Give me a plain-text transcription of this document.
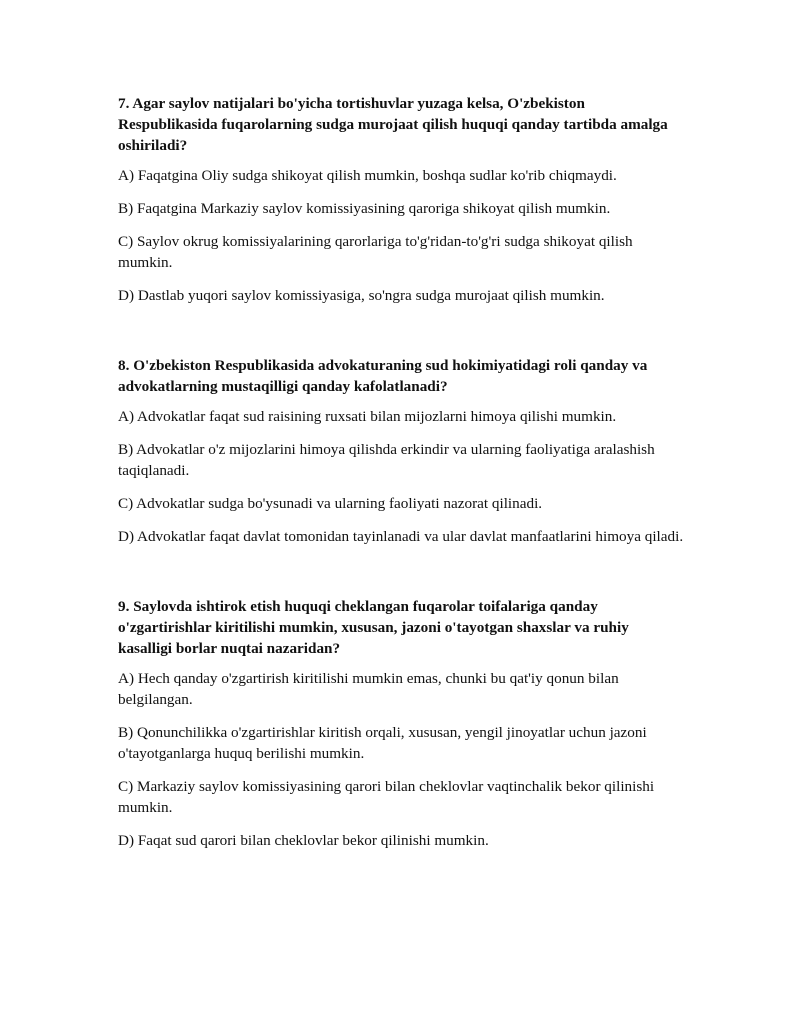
7. Agar saylov natijalari bo'yicha tortishuvlar yuzaga kelsa, O'zbekiston Respublikasida fuqarolarning sudga murojaat qilish huquqi qanday tartibda amalga oshiriladi?

A) Faqatgina Oliy sudga shikoyat qilish mumkin, boshqa sudlar ko'rib chiqmaydi.

B) Faqatgina Markaziy saylov komissiyasining qaroriga shikoyat qilish mumkin.

C) Saylov okrug komissiyalarining qarorlariga to'g'ridan-to'g'ri sudga shikoyat qilish mumkin.

D) Dastlab yuqori saylov komissiyasiga, so'ngra sudga murojaat qilish mumkin.

8. O'zbekiston Respublikasida advokaturaning sud hokimiyatidagi roli qanday va advokatlarning mustaqilligi qanday kafolatlanadi?

A) Advokatlar faqat sud raisining ruxsati bilan mijozlarni himoya qilishi mumkin.

B) Advokatlar o'z mijozlarini himoya qilishda erkindir va ularning faoliyatiga aralashish taqiqlanadi.

C) Advokatlar sudga bo'ysunadi va ularning faoliyati nazorat qilinadi.

D) Advokatlar faqat davlat tomonidan tayinlanadi va ular davlat manfaatlarini himoya qiladi.

9. Saylovda ishtirok etish huquqi cheklangan fuqarolar toifalariga qanday o'zgartirishlar kiritilishi mumkin, xususan, jazoni o'tayotgan shaxslar va ruhiy kasalligi borlar nuqtai nazaridan?

A) Hech qanday o'zgartirish kiritilishi mumkin emas, chunki bu qat'iy qonun bilan belgilangan.

B) Qonunchilikka o'zgartirishlar kiritish orqali, xususan, yengil jinoyatlar uchun jazoni o'tayotganlarga huquq berilishi mumkin.

C) Markaziy saylov komissiyasining qarori bilan cheklovlar vaqtinchalik bekor qilinishi mumkin.

D) Faqat sud qarori bilan cheklovlar bekor qilinishi mumkin.
